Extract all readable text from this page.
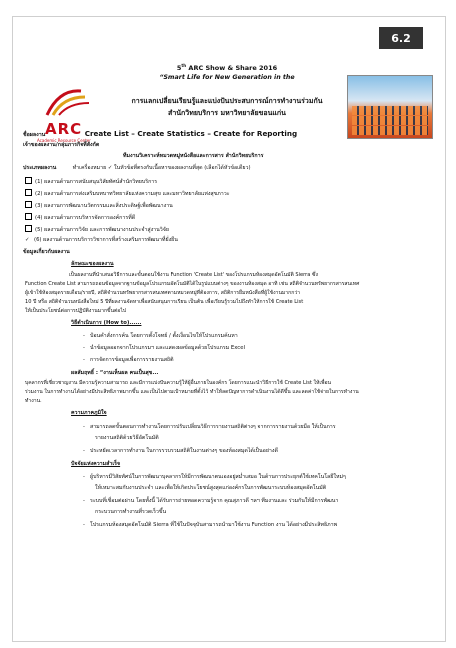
6.2
ARC
Academic Resource Center
5th ARC Show & Share 2016
“Smart Life for New Generation in the
การแลกเปลี่ยนเรียนรู้และแบ่งปันประสบการณ์การทำงานร่วมกัน
สำนักวิทยบริการ มหาวิทยาลัยขอนแก่น
ชื่อผลงาน	Create List – Create Statistics – Create for Reporting
เจ้าของผลงาน/กลุ่มภารกิจที่สังกัด
ทีมงานวิเคราะห์หมวดหมู่หนังสือและการสาร สำนักวิทยบริการ
ประเภทผลงาน	ทำเครื่องหมาย ✓ ในหัวข้อที่ตรงกับเนื้อหาของผลงานที่สุด (เลือกได้หัวข้อเดียว)
(1) ผลงานด้านการสนับสนุนวิสัยทัศน์สำนักวิทยบริการ
(2) ผลงานด้านการส่งเสริมบทบาทวิทยาลัยแห่งความสุข และมหาวิทยาลัยแห่งสุขภาวะ
(3) ผลงานการพัฒนานวัตกรรมและสิ่งประดิษฐ์เพื่อพัฒนางาน
(4) ผลงานด้านการบริหารจัดการองค์การที่ดี
(5) ผลงานด้านการวิจัย และการพัฒนางานประจำสู่งานวิจัย
✓ (6) ผลงานด้านการบริการวิชาการที่สร้างเสริมการพัฒนาที่ยั่งยืน
ข้อมูลเกี่ยวกับผลงาน
ลักษณะของผลงาน
เป็นผลงานที่นำเสนอวิธีการและขั้นตอนใช้งาน Function 'Create List' ของโปรแกรมห้องสมุดอัตโนมัติ Sierra ซึ่ง
Function Create List สามารถถอนข้อมูลจากฐานข้อมูลโปรแกรมอัตโนมัติได้ในรูปแบบต่างๆ ของงานห้องสมุด อาทิ เช่น สถิติจำนวนทรัพยากรสารสนเทศ
ผู้เข้าใช้ห้องสมุดรายเดือน/รายปี, สถิติจำนวนทรัพยากรสารสนเทศตามหมวดหมู่ที่ต้องการ, สถิติการยืมหนังสือที่ผู้ใช้งานมากกว่า
10 ปี หรือ สถิติจำนวนหนังสือใหม่ 5 ปีที่ผลงานจัดหาเพื่อสนับสนุนการเรียน เป็นต้น เพื่อเรียนรู้รวมไปถึงทำให้การใช้ Create List
ให้เป็นประโยชน์ต่อการปฏิบัติงานมากขึ้นต่อไป
วิธีดำเนินการ (How to)......
-   ป้อนคำสั่งการค้น โดยการตั้งโจทย์ / ตั้งเงื่อนไขให้โปรแกรมค้นหา
-   นำข้อมูลออกจากโปรแกรมฯ และแสดงผลข้อมูลด้วยโปรแกรม Excel
-   การจัดการข้อมูลเพื่อการรายงานสถิติ
ผลสัมฤทธิ์ : “งานเห็นผล คนเป็นสุข...
บุคลากรที่เชี่ยวชาญงาน มีความรู้ความสามารถ และมีการแบ่งปันความรู้ให้ผู้อื่นภายในองค์กร โดยการแนะนำวิธีการใช้ Create List ให้เพื่อน
ร่วมงาน ในการทำงานได้อย่างมีประสิทธิภาพมากขึ้น และเป็นไปตามเป้าหมายที่ตั้งไว้ ทำให้ลดปัญหาการดำเนินงานได้ดีขึ้น และลดค่าใช้จ่ายในการทำงาน
ทำงาน.
ความภาคภูมิใจ
-   สามารถลดขั้นตอนการทำงานโดยการปรับเปลี่ยนวิธีการรายงานสถิติต่างๆ จากการรายงานด้วยมือ ให้เป็นการ
รายงานสถิติด้วยวิธีอัตโนมัติ
-   ประหยัดเวลาการทำงาน ในการรวบรวมสถิติในงานต่างๆ ของห้องสมุดได้เป็นอย่างดี
ปัจจัยแห่งความสำเร็จ
-   ผู้บริหารมีวิสัยทัศน์ในการพัฒนาบุคลากรให้มีการพัฒนาตนเองอยู่สม่ำเสมอ ในด้านการประยุกต์ใช้เทคโนโลยีใหม่ๆ
ให้เหมาะสมกับงานประจำ และเพื่อให้เกิดประโยชน์สูงสุดแก่องค์กรในการพัฒนาระบบห้องสมุดอัตโนมัติ
-   ระบบที่เชื่อมต่อผ่าน โดยทั้งนี้ ได้รับการถ่ายทอดความรู้จาก คุณสุภาวดี ฯลฯ ทีมงานและ ร่วมกันให้มีการพัฒนา
กระบวนการทำงานที่รวดเร็วขึ้น
-   โปรแกรมห้องสมุดอัตโนมัติ Sierra ที่ใช้ในปัจจุบันสามารถนำมาใช้งาน Function งาน ได้อย่างมีประสิทธิภาพ
